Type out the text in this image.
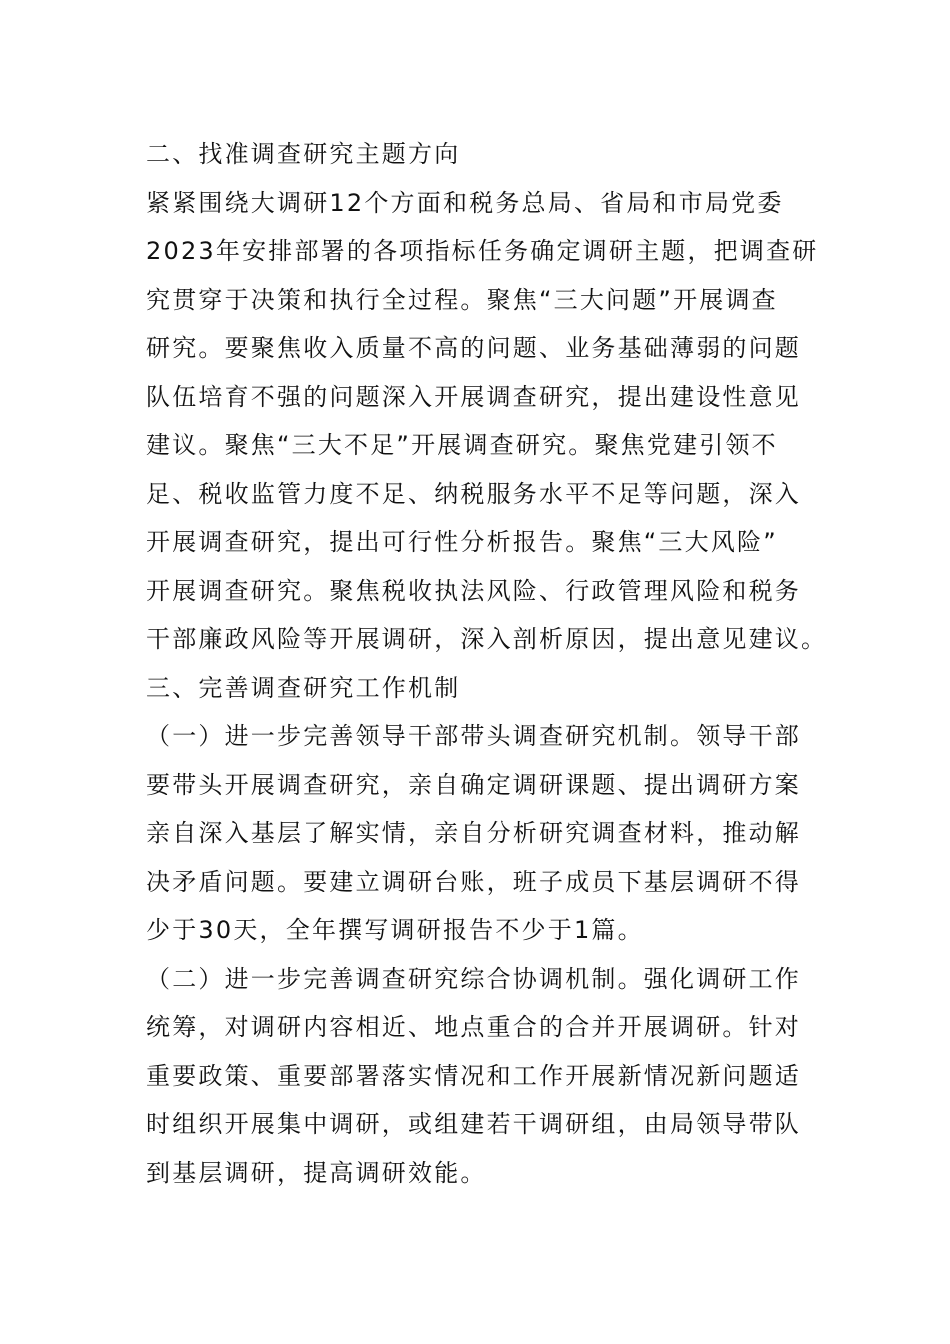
二、找准调查研究主题方向
紧紧围绕大调研12个方面和税务总局、省局和市局党委
2023年安排部署的各项指标任务确定调研主题，把调查研
究贯穿于决策和执行全过程。聚焦“三大问题”开展调查
研究。要聚焦收入质量不高的问题、业务基础薄弱的问题
队伍培育不强的问题深入开展调查研究，提出建设性意见
建议。聚焦“三大不足”开展调查研究。聚焦党建引领不
足、税收监管力度不足、纳税服务水平不足等问题，深入
开展调查研究，提出可行性分析报告。聚焦“三大风险”
开展调查研究。聚焦税收执法风险、行政管理风险和税务
干部廉政风险等开展调研，深入剖析原因，提出意见建议。
三、完善调查研究工作机制
（一）进一步完善领导干部带头调查研究机制。领导干部
要带头开展调查研究，亲自确定调研课题、提出调研方案
亲自深入基层了解实情，亲自分析研究调查材料，推动解
决矛盾问题。要建立调研台账，班子成员下基层调研不得
少于30天，全年撰写调研报告不少于1篇。
（二）进一步完善调查研究综合协调机制。强化调研工作
统筹，对调研内容相近、地点重合的合并开展调研。针对
重要政策、重要部署落实情况和工作开展新情况新问题适
时组织开展集中调研，或组建若干调研组，由局领导带队
到基层调研，提高调研效能。
